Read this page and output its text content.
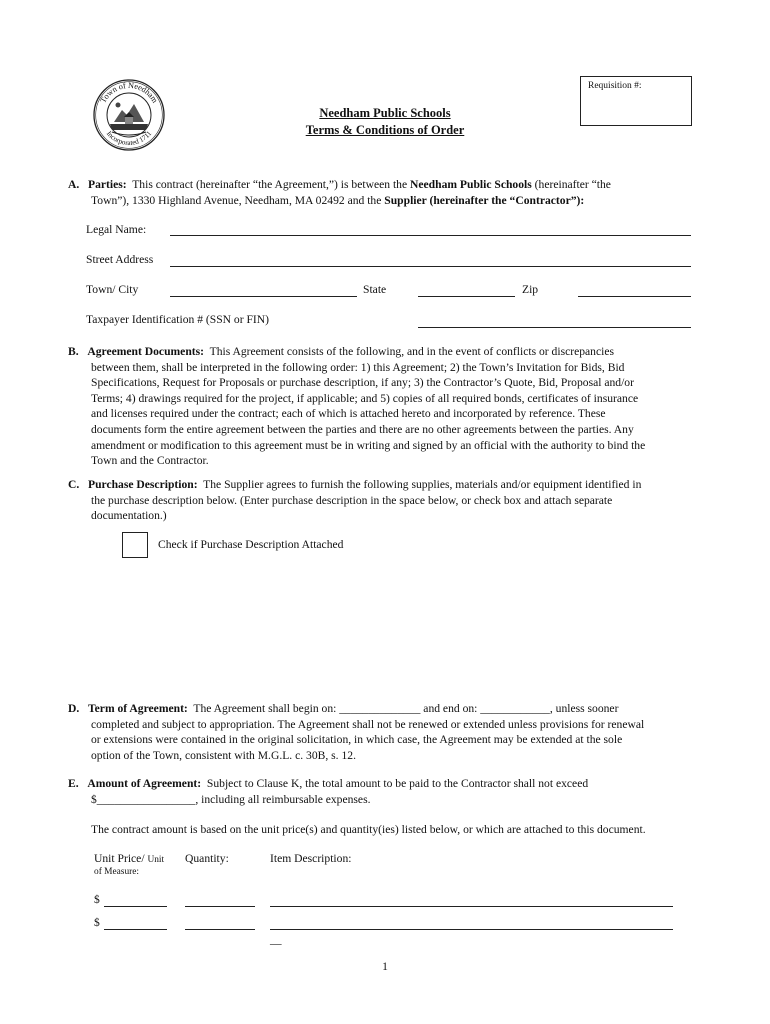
Requisition #:
Town of Needham
Incorporated 1711
Needham Public Schools
Terms & Conditions of Order
A. Parties: This contract (hereinafter “the Agreement,”) is between the Needham Public Schools (hereinafter “the
Town”), 1330 Highland Avenue, Needham, MA 02492 and the Supplier (hereinafter the “Contractor”):
Legal Name:
Street Address
Town/ City	State	Zip
Taxpayer Identification # (SSN or FIN)
B. Agreement Documents: This Agreement consists of the following, and in the event of conflicts or discrepancies
between them, shall be interpreted in the following order: 1) this Agreement; 2) the Town’s Invitation for Bids, Bid
Specifications, Request for Proposals or purchase description, if any; 3) the Contractor’s Quote, Bid, Proposal and/or
Terms; 4) drawings required for the project, if applicable; and 5) copies of all required bonds, certificates of insurance
and licenses required under the contract; each of which is attached hereto and incorporated by reference. These
documents form the entire agreement between the parties and there are no other agreements between the parties. Any
amendment or modification to this agreement must be in writing and signed by an official with the authority to bind the
Town and the Contractor.
C. Purchase Description: The Supplier agrees to furnish the following supplies, materials and/or equipment identified in
the purchase description below. (Enter purchase description in the space below, or check box and attach separate
documentation.)
Check if Purchase Description Attached
D. Term of Agreement: The Agreement shall begin on: ______________ and end on: ____________, unless sooner
completed and subject to appropriation. The Agreement shall not be renewed or extended unless provisions for renewal
or extensions were contained in the original solicitation, in which case, the Agreement may be extended at the sole
option of the Town, consistent with M.G.L. c. 30B, s. 12.
E. Amount of Agreement: Subject to Clause K, the total amount to be paid to the Contractor shall not exceed
$_________________, including all reimbursable expenses.
The contract amount is based on the unit price(s) and quantity(ies) listed below, or which are attached to this document.
Unit Price/ Unit
of Measure:
Quantity:	Item Description:
$
$
__
1
